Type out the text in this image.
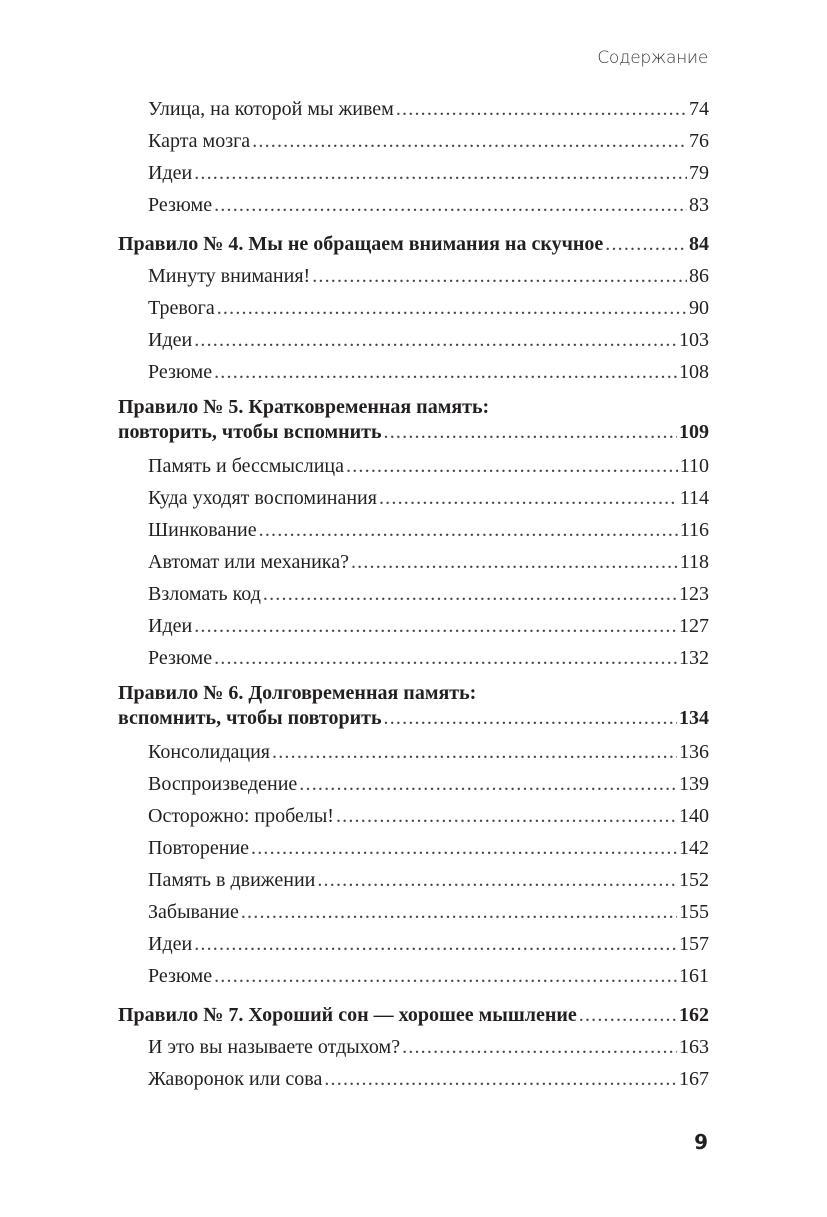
Содержание
Улица, на которой мы живем .....	74
Карта мозга .....	76
Идеи .....	79
Резюме .....	83
Правило № 4. Мы не обращаем внимания на скучное .....	84
Минуту внимания! .....	86
Тревога .....	90
Идеи .....	103
Резюме .....	108
Правило № 5. Кратковременная память:
повторить, чтобы вспомнить .....	109
Память и бессмыслица .....	110
Куда уходят воспоминания .....	114
Шинкование .....	116
Автомат или механика? .....	118
Взломать код .....	123
Идеи .....	127
Резюме .....	132
Правило № 6. Долговременная память:
вспомнить, чтобы повторить .....	134
Консолидация .....	136
Воспроизведение .....	139
Осторожно: пробелы! .....	140
Повторение .....	142
Память в движении .....	152
Забывание .....	155
Идеи .....	157
Резюме .....	161
Правило № 7. Хороший сон — хорошее мышление .....	162
И это вы называете отдыхом? .....	163
Жаворонок или сова .....	167
9
